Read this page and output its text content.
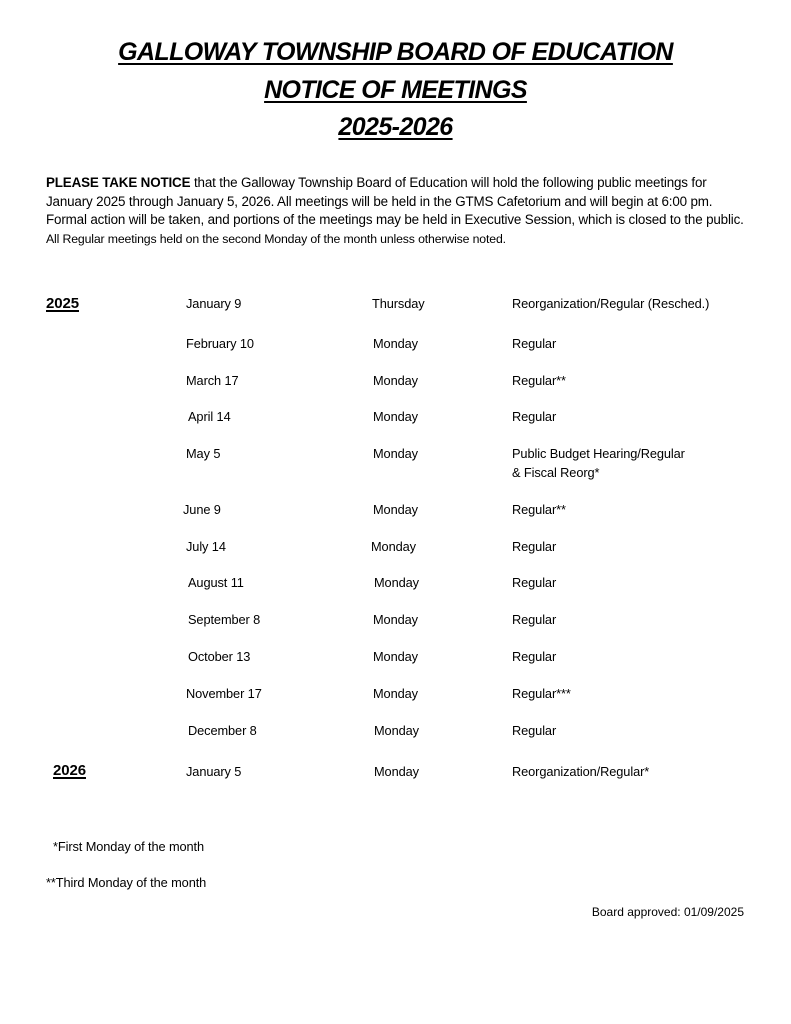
GALLOWAY TOWNSHIP BOARD OF EDUCATION
NOTICE OF MEETINGS
2025-2026
PLEASE TAKE NOTICE that the Galloway Township Board of Education will hold the following public meetings for January 2025 through January 5, 2026. All meetings will be held in the GTMS Cafetorium and will begin at 6:00 pm. Formal action will be taken, and portions of the meetings may be held in Executive Session, which is closed to the public. All Regular meetings held on the second Monday of the month unless otherwise noted.
2025	January 9	Thursday	Reorganization/Regular (Resched.)
February 10	Monday	Regular
March 17	Monday	Regular**
April 14	Monday	Regular
May 5	Monday	Public Budget Hearing/Regular
& Fiscal Reorg*
June 9	Monday	Regular**
July 14	Monday	Regular
August 11	Monday	Regular
September 8	Monday	Regular
October 13	Monday	Regular
November 17	Monday	Regular***
December 8	Monday	Regular
2026	January 5	Monday	Reorganization/Regular*
*First Monday of the month
**Third Monday of the month
Board approved: 01/09/2025
